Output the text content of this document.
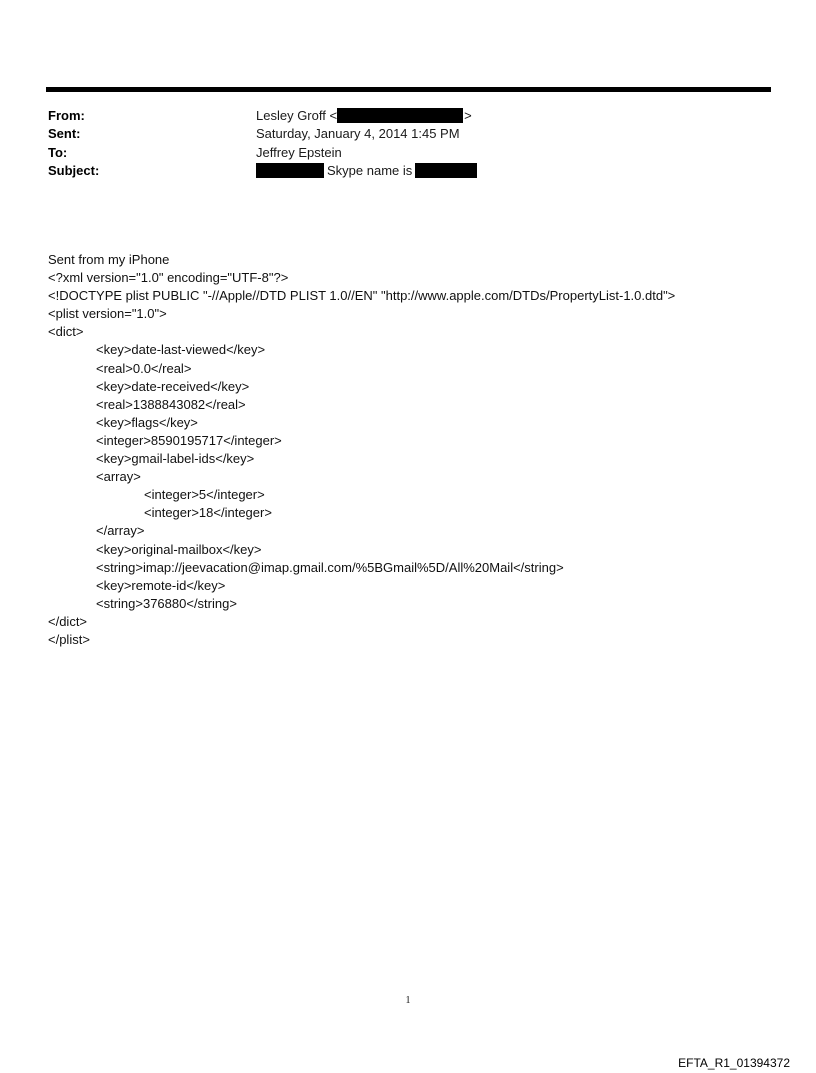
From:	Lesley Groff <	>
Sent:	Saturday, January 4, 2014 1:45 PM
To:	Jeffrey Epstein
Subject:	Skype name is
Sent from my iPhone
<?xml version="1.0" encoding="UTF-8"?>
<!DOCTYPE plist PUBLIC "-//Apple//DTD PLIST 1.0//EN" "http://www.apple.com/DTDs/PropertyList-1.0.dtd">
<plist version="1.0">
<dict>
<key>date-last-viewed</key>
<real>0.0</real>
<key>date-received</key>
<real>1388843082</real>
<key>flags</key>
<integer>8590195717</integer>
<key>gmail-label-ids</key>
<array>
<integer>5</integer>
<integer>18</integer>
</array>
<key>original-mailbox</key>
<string>imap://jeevacation@imap.gmail.com/%5BGmail%5D/All%20Mail</string>
<key>remote-id</key>
<string>376880</string>
</dict>
</plist>
1
EFTA_R1_01394372
